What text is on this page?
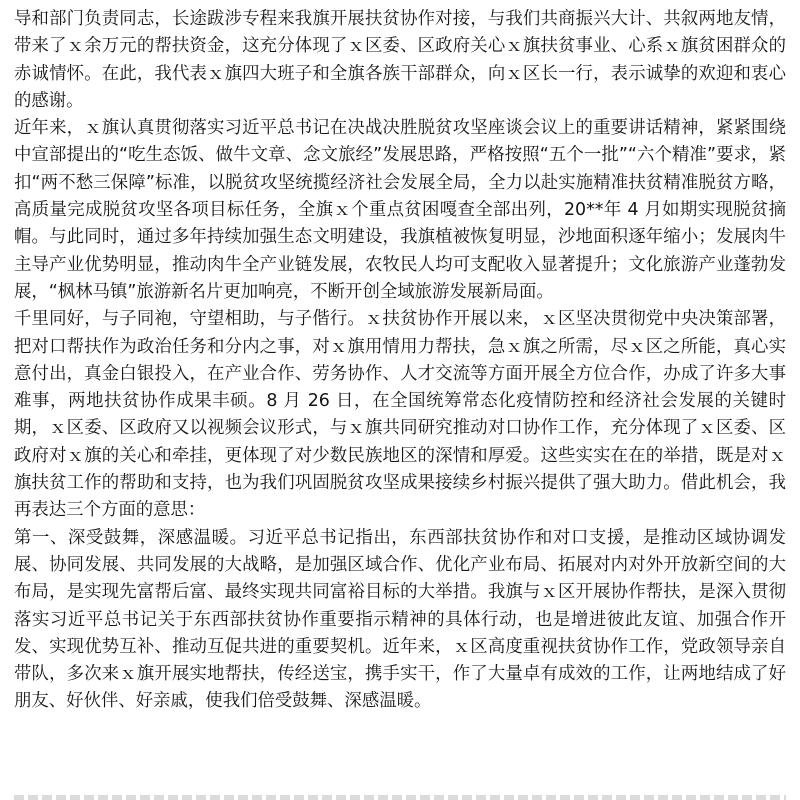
导和部门负责同志，长途跋涉专程来我旗开展扶贫协作对接，与我们共商振兴大计、共叙两地友情，带来了ｘ余万元的帮扶资金，这充分体现了ｘ区委、区政府关心ｘ旗扶贫事业、心系ｘ旗贫困群众的赤诚情怀。在此，我代表ｘ旗四大班子和全旗各族干部群众，向ｘ区长一行，表示诚挚的欢迎和衷心的感谢。

近年来，ｘ旗认真贯彻落实习近平总书记在决战决胜脱贫攻坚座谈会议上的重要讲话精神，紧紧围绕中宣部提出的“吃生态饭、做牛文章、念文旅经”发展思路，严格按照“五个一批”“六个精准”要求，紧扣“两不愁三保障”标准，以脱贫攻坚统揽经济社会发展全局，全力以赴实施精准扶贫精准脱贫方略，高质量完成脱贫攻坚各项目标任务，全旗ｘ个重点贫困嘎查全部出列，20**年 4 月如期实现脱贫摘帽。与此同时，通过多年持续加强生态文明建设，我旗植被恢复明显，沙地面积逐年缩小；发展肉牛主导产业优势明显，推动肉牛全产业链发展，农牧民人均可支配收入显著提升；文化旅游产业蓬勃发展，“枫林马镇”旅游新名片更加响亮，不断开创全域旅游发展新局面。

千里同好，与子同袍，守望相助，与子偕行。ｘ扶贫协作开展以来，ｘ区坚决贯彻党中央决策部署，把对口帮扶作为政治任务和分内之事，对ｘ旗用情用力帮扶，急ｘ旗之所需，尽ｘ区之所能，真心实意付出，真金白银投入，在产业合作、劳务协作、人才交流等方面开展全方位合作，办成了许多大事难事，两地扶贫协作成果丰硕。8 月 26 日，在全国统筹常态化疫情防控和经济社会发展的关键时期，ｘ区委、区政府又以视频会议形式，与ｘ旗共同研究推动对口协作工作，充分体现了ｘ区委、区政府对ｘ旗的关心和牵挂，更体现了对少数民族地区的深情和厚爱。这些实实在在的举措，既是对ｘ旗扶贫工作的帮助和支持，也为我们巩固脱贫攻坚成果接续乡村振兴提供了强大助力。借此机会，我再表达三个方面的意思：

第一、深受鼓舞，深感温暖。习近平总书记指出，东西部扶贫协作和对口支援，是推动区域协调发展、协同发展、共同发展的大战略，是加强区域合作、优化产业布局、拓展对内对外开放新空间的大布局，是实现先富帮后富、最终实现共同富裕目标的大举措。我旗与ｘ区开展协作帮扶，是深入贯彻落实习近平总书记关于东西部扶贫协作重要指示精神的具体行动，也是增进彼此友谊、加强合作开发、实现优势互补、推动互促共进的重要契机。近年来，ｘ区高度重视扶贫协作工作，党政领导亲自带队，多次来ｘ旗开展实地帮扶，传经送宝，携手实干，作了大量卓有成效的工作，让两地结成了好朋友、好伙伴、好亲戚，使我们倍受鼓舞、深感温暖。
